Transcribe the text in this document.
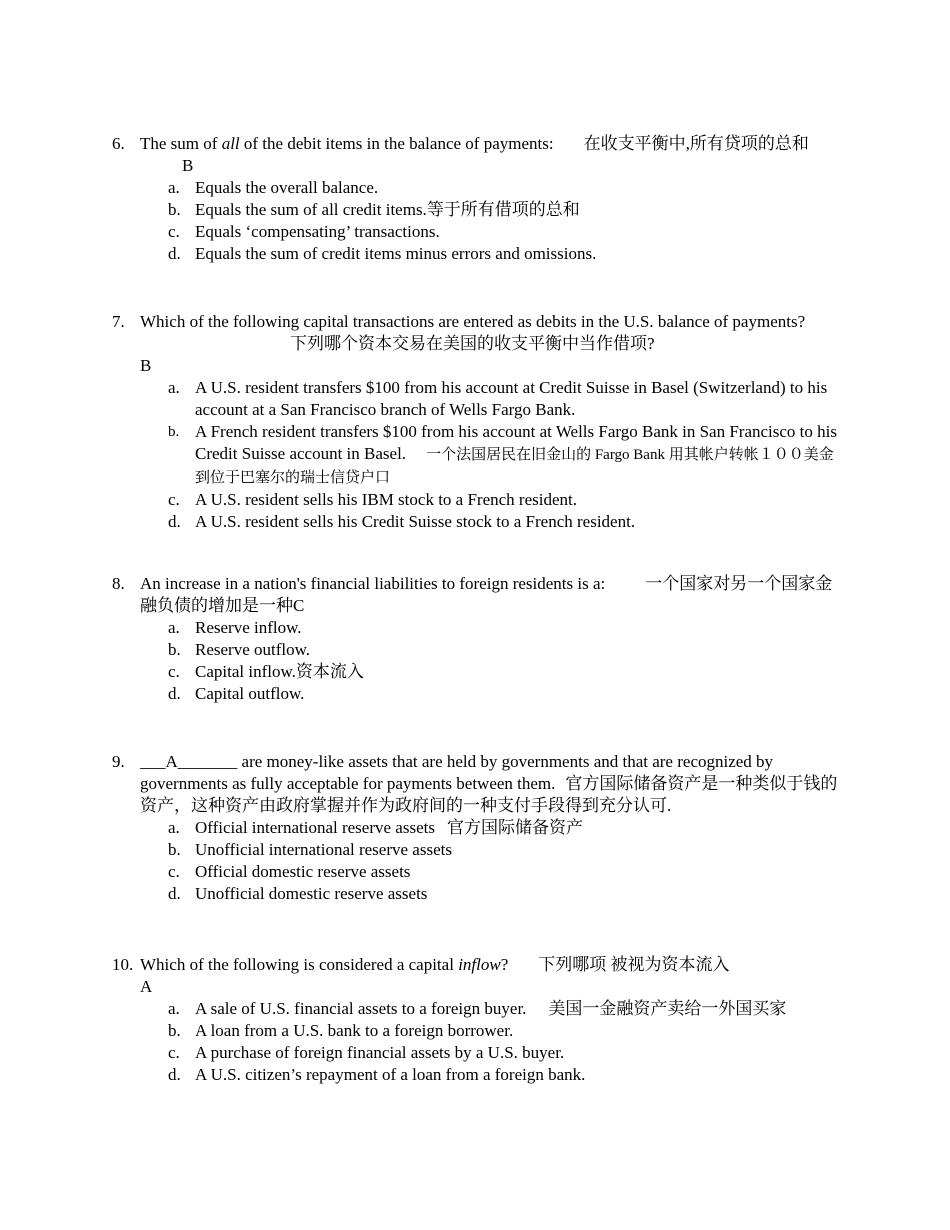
6. The sum of all of the debit items in the balance of payments: 在收支平衡中,所有贷项的总和B
a. Equals the overall balance.
b. Equals the sum of all credit items.等于所有借项的总和
c. Equals ‘compensating’ transactions.
d. Equals the sum of credit items minus errors and omissions.
7. Which of the following capital transactions are entered as debits in the U.S. balance of payments?下列哪个资本交易在美国的收支平衡中当作借项?
B
a. A U.S. resident transfers $100 from his account at Credit Suisse in Basel (Switzerland) to his account at a San Francisco branch of Wells Fargo Bank.
b. A French resident transfers $100 from his account at Wells Fargo Bank in San Francisco to his Credit Suisse account in Basel. 一个法国居民在旧金山的 Fargo Bank 用其帐户转帐１００美金到位于巴塞尔的瑞士信贷户口
c. A U.S. resident sells his IBM stock to a French resident.
d. A U.S. resident sells his Credit Suisse stock to a French resident.
8. An increase in a nation's financial liabilities to foreign residents is a: 一个国家对另一个国家金融负债的增加是一种C
a. Reserve inflow.
b. Reserve outflow.
c. Capital inflow.资本流入
d. Capital outflow.
9. ___A_______ are money-like assets that are held by governments and that are recognized by governments as fully acceptable for payments between them. 官方国际储备资产是一种类似于钱的资产，这种资产由政府掌握并作为政府间的一种支付手段得到充分认可.
a. Official international reserve assets 官方国际储备资产
b. Unofficial international reserve assets
c. Official domestic reserve assets
d. Unofficial domestic reserve assets
10. Which of the following is considered a capital inflow? 下列哪项 被视为资本流入
A
a. A sale of U.S. financial assets to a foreign buyer. 美国一金融资产卖给一外国买家
b. A loan from a U.S. bank to a foreign borrower.
c. A purchase of foreign financial assets by a U.S. buyer.
d. A U.S. citizen’s repayment of a loan from a foreign bank.
